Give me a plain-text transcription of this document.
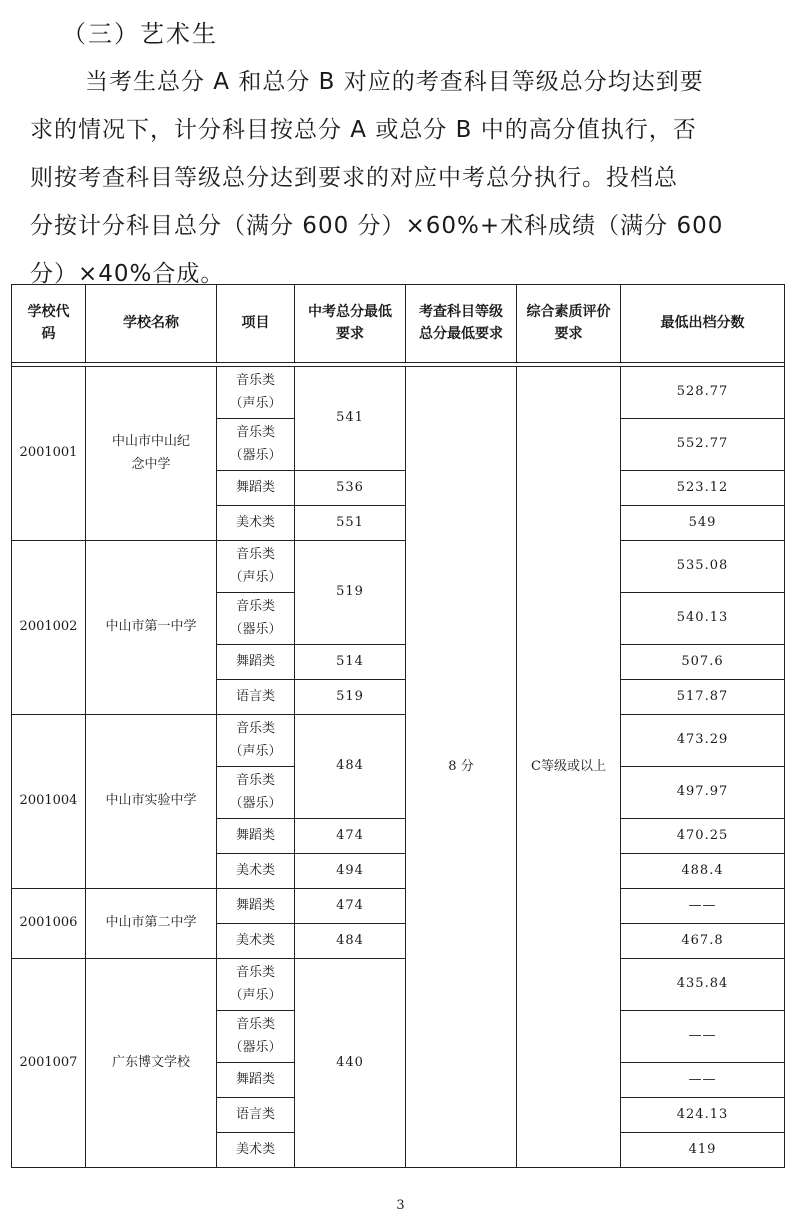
（三）艺术生
当考生总分 A 和总分 B 对应的考查科目等级总分均达到要
求的情况下，计分科目按总分 A 或总分 B 中的高分值执行，否
则按考查科目等级总分达到要求的对应中考总分执行。投档总
分按计分科目总分（满分 600 分）×60%+术科成绩（满分 600
分）×40%合成。
学校代码	学校名称	项目	中考总分最低要求	考查科目等级总分最低要求	综合素质评价要求	最低出档分数

2001001	中山市中山纪念中学	音乐类（声乐）	541	8 分	C等级或以上	528.77

		音乐类（器乐）				552.77
		舞蹈类	536			523.12
		美术类	551			549
2001002	中山市第一中学	音乐类（声乐）	519			535.08

		音乐类（器乐）				540.13
		舞蹈类	514			507.6
		语言类	519			517.87
2001004	中山市实验中学	音乐类（声乐）	484			473.29

		音乐类（器乐）				497.97
		舞蹈类	474			470.25
		美术类	494			488.4
2001006	中山市第二中学	舞蹈类	474			——
		美术类	484			467.8
2001007	广东博文学校	音乐类（声乐）	440			435.84

		音乐类（器乐）				——
		舞蹈类				——
		语言类				424.13
		美术类				419
3
